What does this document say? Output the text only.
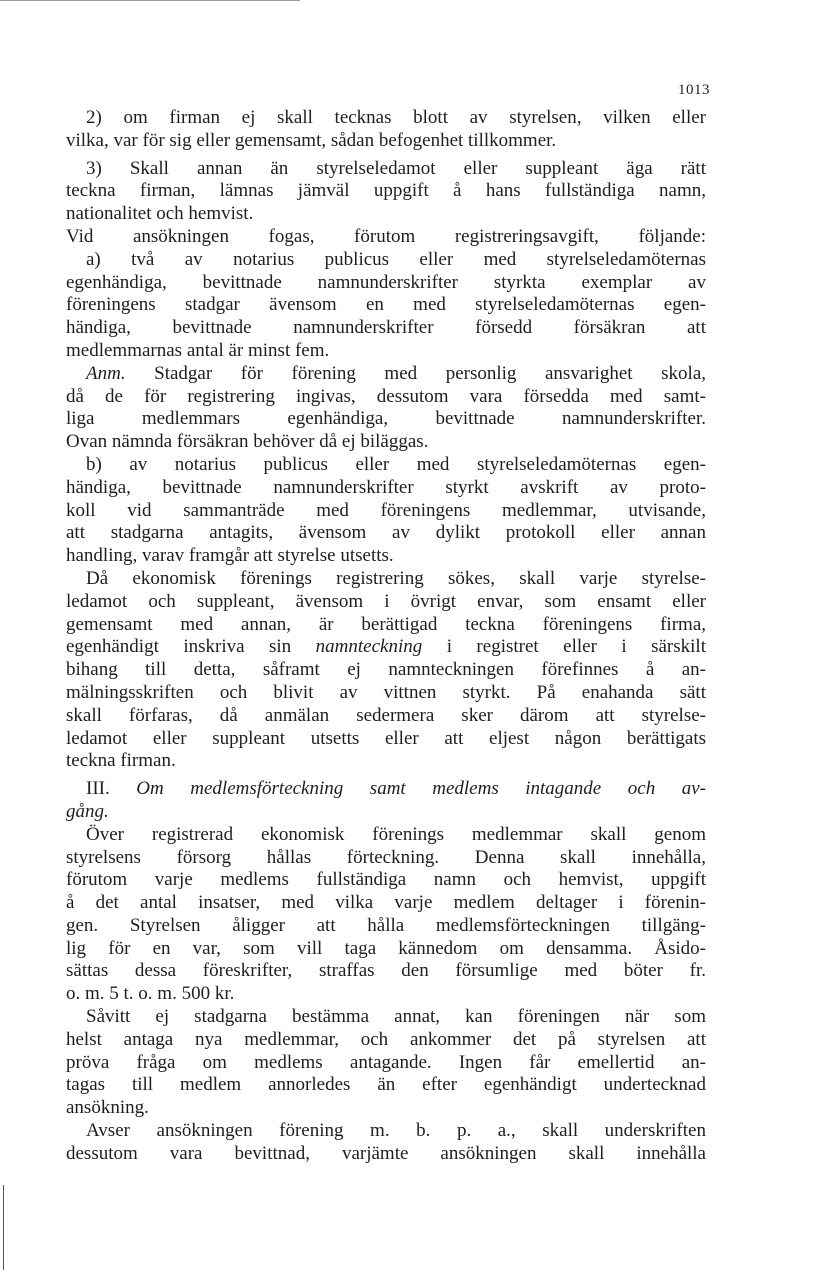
1013
2) om firman ej skall tecknas blott av styrelsen, vilken eller
vilka, var för sig eller gemensamt, sådan befogenhet tillkommer.
3) Skall annan än styrelseledamot eller suppleant äga rätt
teckna firman, lämnas jämväl uppgift å hans fullständiga namn,
nationalitet och hemvist.
Vid ansökningen fogas, förutom registreringsavgift, följande:
a) två av notarius publicus eller med styrelseledamöternas
egenhändiga, bevittnade namnunderskrifter styrkta exemplar av
föreningens stadgar ävensom en med styrelseledamöternas egen-
händiga, bevittnade namnunderskrifter försedd försäkran att
medlemmarnas antal är minst fem.
Anm. Stadgar för förening med personlig ansvarighet skola,
då de för registrering ingivas, dessutom vara försedda med samt-
liga medlemmars egenhändiga, bevittnade namnunderskrifter.
Ovan nämnda försäkran behöver då ej biläggas.
b) av notarius publicus eller med styrelseledamöternas egen-
händiga, bevittnade namnunderskrifter styrkt avskrift av proto-
koll vid sammanträde med föreningens medlemmar, utvisande,
att stadgarna antagits, ävensom av dylikt protokoll eller annan
handling, varav framgår att styrelse utsetts.
Då ekonomisk förenings registrering sökes, skall varje styrelse-
ledamot och suppleant, ävensom i övrigt envar, som ensamt eller
gemensamt med annan, är berättigad teckna föreningens firma,
egenhändigt inskriva sin namnteckning i registret eller i särskilt
bihang till detta, såframt ej namnteckningen förefinnes å an-
mälningsskriften och blivit av vittnen styrkt. På enahanda sätt
skall förfaras, då anmälan sedermera sker därom att styrelse-
ledamot eller suppleant utsetts eller att eljest någon berättigats
teckna firman.
III. Om medlemsförteckning samt medlems intagande och av-
gång.
Över registrerad ekonomisk förenings medlemmar skall genom
styrelsens försorg hållas förteckning. Denna skall innehålla,
förutom varje medlems fullständiga namn och hemvist, uppgift
å det antal insatser, med vilka varje medlem deltager i förenin-
gen. Styrelsen åligger att hålla medlemsförteckningen tillgäng-
lig för en var, som vill taga kännedom om densamma. Åsido-
sättas dessa föreskrifter, straffas den försumlige med böter fr.
o. m. 5 t. o. m. 500 kr.
Såvitt ej stadgarna bestämma annat, kan föreningen när som
helst antaga nya medlemmar, och ankommer det på styrelsen att
pröva fråga om medlems antagande. Ingen får emellertid an-
tagas till medlem annorledes än efter egenhändigt undertecknad
ansökning.
Avser ansökningen förening m. b. p. a., skall underskriften
dessutom vara bevittnad, varjämte ansökningen skall innehålla
